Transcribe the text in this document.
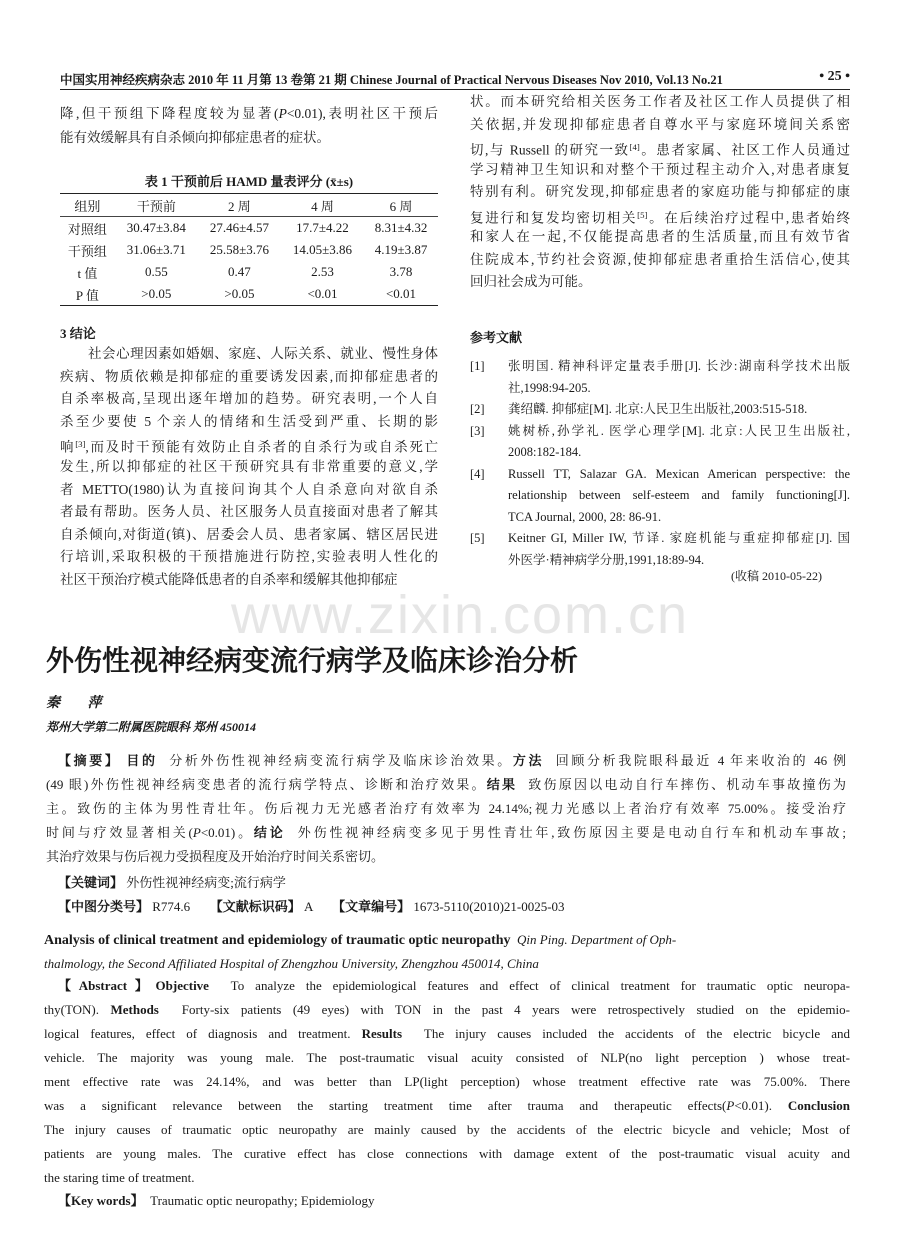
中国实用神经疾病杂志 2010 年 11 月第 13 卷第 21 期 Chinese Journal of Practical Nervous Diseases Nov 2010, Vol.13 No.21	• 25 •
降,但干预组下降程度较为显著(P<0.01),表明社区干预后
能有效缓解具有自杀倾向抑郁症患者的症状。
表 1 干预前后 HAMD 量表评分 (x̄±s)
组别	干预前	2 周	4 周	6 周
对照组	30.47±3.84	27.46±4.57	17.7±4.22	8.31±4.32
干预组	31.06±3.71	25.58±3.76	14.05±3.86	4.19±3.87
t 值	0.55	0.47	2.53	3.78
P 值	>0.05	>0.05	<0.01	<0.01
3 结论
　　社会心理因素如婚姻、家庭、人际关系、就业、慢性身体
疾病、物质依赖是抑郁症的重要诱发因素,而抑郁症患者的
自杀率极高,呈现出逐年增加的趋势。研究表明,一个人自
杀至少要使 5 个亲人的情绪和生活受到严重、长期的影
响[3],而及时干预能有效防止自杀者的自杀行为或自杀死亡
发生,所以抑郁症的社区干预研究具有非常重要的意义,学
者 METTO(1980)认为直接问询其个人自杀意向对欲自杀
者最有帮助。医务人员、社区服务人员直接面对患者了解其
自杀倾向,对街道(镇)、居委会人员、患者家属、辖区居民进
行培训,采取积极的干预措施进行防控,实验表明人性化的
社区干预治疗模式能降低患者的自杀率和缓解其他抑郁症
状。而本研究给相关医务工作者及社区工作人员提供了相
关依据,并发现抑郁症患者自尊水平与家庭环境间关系密
切,与 Russell 的研究一致[4]。患者家属、社区工作人员通过
学习精神卫生知识和对整个干预过程主动介入,对患者康复
特别有利。研究发现,抑郁症患者的家庭功能与抑郁症的康
复进行和复发均密切相关[5]。在后续治疗过程中,患者始终
和家人在一起,不仅能提高患者的生活质量,而且有效节省
住院成本,节约社会资源,使抑郁症患者重拾生活信心,使其
回归社会成为可能。
参考文献
[1] 张明国. 精神科评定量表手册[J]. 长沙:湖南科学技术出版
社,1998:94-205.
[2] 龚绍麟. 抑郁症[M]. 北京:人民卫生出版社,2003:515-518.
[3] 姚树桥,孙学礼. 医学心理学[M]. 北京:人民卫生出版社,
2008:182-184.
[4] Russell TT, Salazar GA. Mexican American perspective: the
relationship between self-esteem and family functioning[J].
TCA Journal, 2000, 28: 86-91.
[5] Keitner GI, Miller IW, 节译. 家庭机能与重症抑郁症[J]. 国
外医学·精神病学分册,1991,18:89-94.
(收稿 2010-05-22)
www.zixin.com.cn
外伤性视神经病变流行病学及临床诊治分析
秦 萍
郑州大学第二附属医院眼科 郑州 450014
【摘要】 目的  分析外伤性视神经病变流行病学及临床诊治效果。方法  回顾分析我院眼科最近 4 年来收治的 46 例
(49 眼)外伤性视神经病变患者的流行病学特点、诊断和治疗效果。结果  致伤原因以电动自行车摔伤、机动车事故撞伤为
主。致伤的主体为男性青壮年。伤后视力无光感者治疗有效率为 24.14%;视力光感以上者治疗有效率 75.00%。接受治疗
时间与疗效显著相关(P<0.01)。结论  外伤性视神经病变多见于男性青壮年,致伤原因主要是电动自行车和机动车事故;
其治疗效果与伤后视力受损程度及开始治疗时间关系密切。
【关键词】 外伤性视神经病变;流行病学
【中图分类号】 R774.6      【文献标识码】 A      【文章编号】 1673-5110(2010)21-0025-03
Analysis of clinical treatment and epidemiology of traumatic optic neuropathy  Qin Ping. Department of Oph-
thalmology, the Second Affiliated Hospital of Zhengzhou University, Zhengzhou 450014, China
【Abstract】Objective  To analyze the epidemiological features and effect of clinical treatment for traumatic optic neuropa-
thy(TON). Methods  Forty-six patients (49 eyes) with TON in the past 4 years were retrospectively studied on the epidemio-
logical features, effect of diagnosis and treatment. Results  The injury causes included the accidents of the electric bicycle and
vehicle. The majority was young male. The post-traumatic visual acuity consisted of NLP(no light perception ) whose treat-
ment effective rate was 24.14%, and was better than LP(light perception) whose treatment effective rate was 75.00%. There
was a significant relevance between the starting treatment time after trauma and therapeutic effects(P<0.01). Conclusion
The injury causes of traumatic optic neuropathy are mainly caused by the accidents of the electric bicycle and vehicle; Most of
patients are young males. The curative effect has close connections with damage extent of the post-traumatic visual acuity and
the staring time of treatment.
【Key words】  Traumatic optic neuropathy; Epidemiology
